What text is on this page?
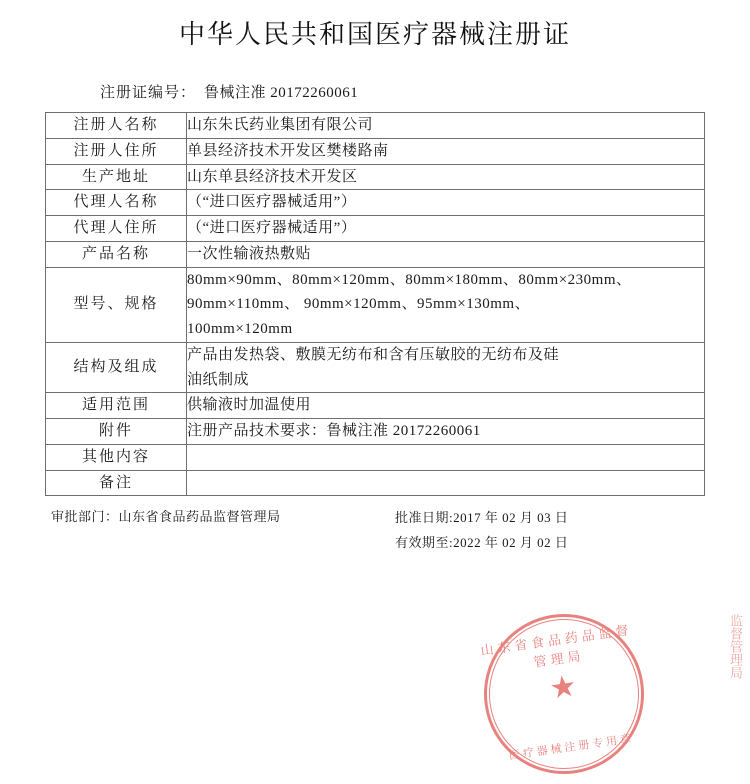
中华人民共和国医疗器械注册证
注册证编号： 鲁械注准 20172260061
注册人名称	山东朱氏药业集团有限公司

注册人住所	单县经济技术开发区樊楼路南

生产地址	山东单县经济技术开发区

代理人名称	（“进口医疗器械适用”）

代理人住所	（“进口医疗器械适用”）

产品名称	一次性输液热敷贴

型号、规格	80mm×90mm、80mm×120mm、80mm×180mm、80mm×230mm、
90mm×110mm、 90mm×120mm、95mm×130mm、
100mm×120mm

结构及组成	产品由发热袋、敷膜无纺布和含有压敏胶的无纺布及硅
油纸制成

适用范围	供输液时加温使用

附件	注册产品技术要求：鲁械注准 20172260061

其他内容	

备注	

审批部门：山东省食品药品监督管理局	批准日期:2017 年 02 月 03 日
有效期至:2022 年 02 月 02 日
山东省食品药品监督管理局
★
医疗器械注册专用章
监督管理局
